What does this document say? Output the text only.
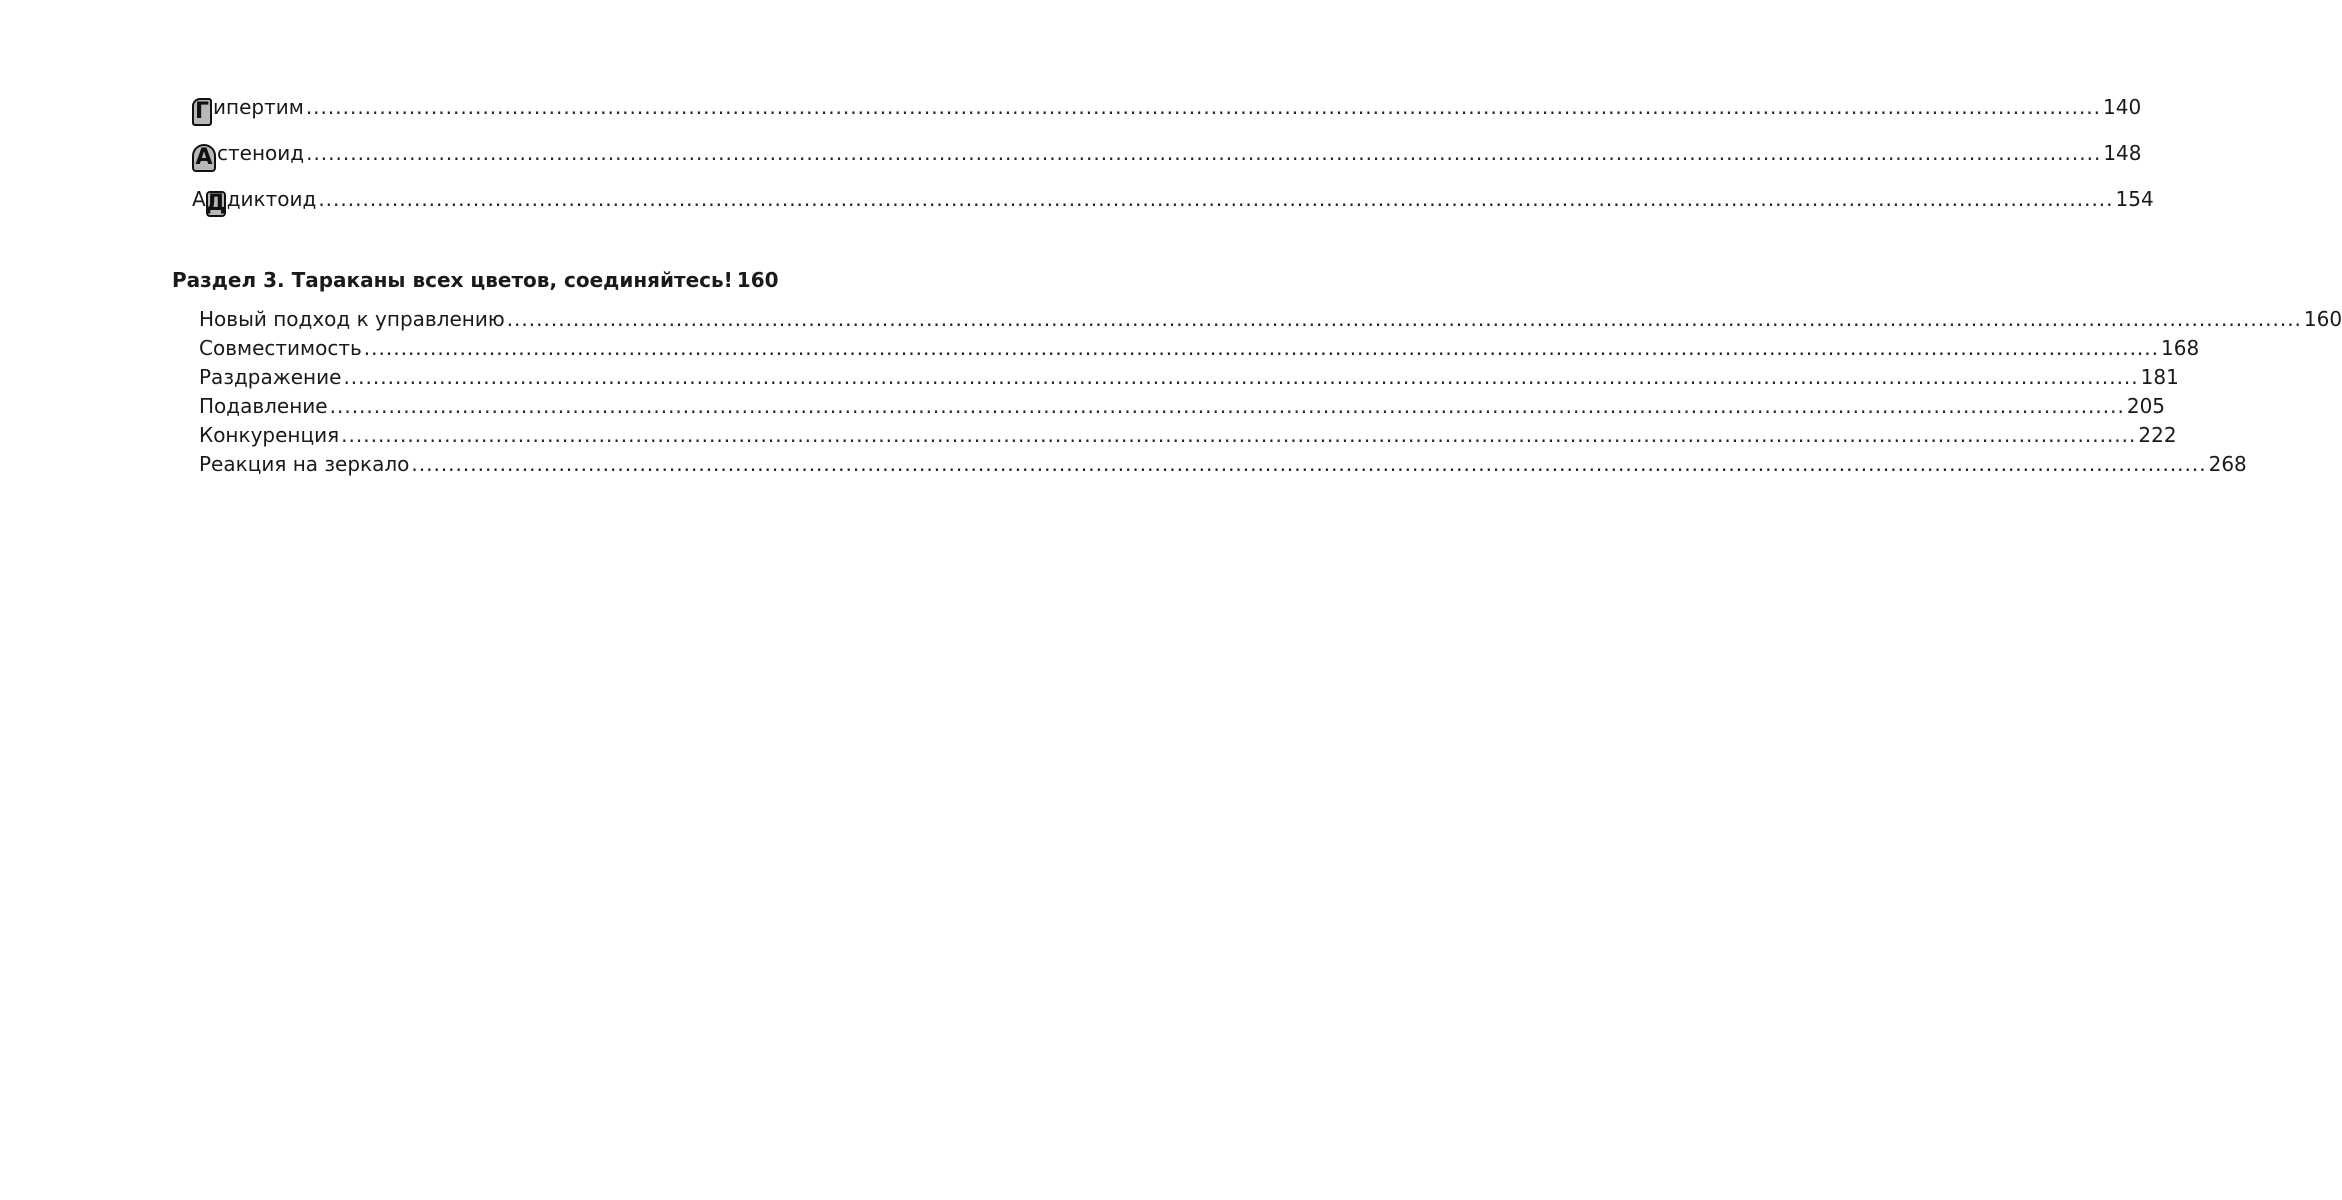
Г ипертим .....	140
А стеноид .....	148
АДдиктоид .....	154
Раздел 3. Тараканы всех цветов, соединяйтесь! 160
Новый подход к управлению .....	160
Совместимость .....	168
Раздражение .....	181
Подавление .....	205
Конкуренция .....	222
Реакция на зеркало .....	268
